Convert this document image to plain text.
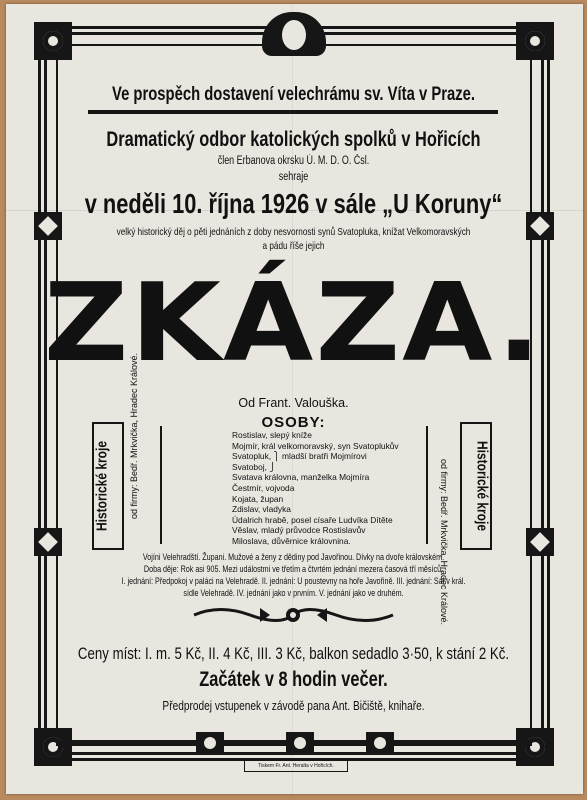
Ve prospěch dostavení velechrámu sv. Víta v Praze.
Dramatický odbor katolických spolků v Hořicích
člen Erbanova okrsku Ú. M. D. O. Čsl.
sehraje
v neděli 10. října 1926 v sále „U Koruny“
velký historický děj o pěti jednáních z doby nesvornosti synů Svatopluka, knížat Velkomoravských
a pádu říše jejich
ZKÁZA.
Od Frant. Valouška.
OSOBY:
Historické kroje	Historické kroje
Rostislav, slepý kníže
Mojmír, král velkomoravský, syn Svatoplukův
Svatopluk, ⎫ mladší bratři Mojmírovi
Svatoboj, ⎭
Svatava královna, manželka Mojmíra
Čestmír, vojvoda
Kojata, župan
Zdislav, vladyka
Údalrich hrabě, posel císaře Ludvíka Dítěte
Věslav, mladý průvodce Rostislavův
Miloslava, důvěrnice královnina.
Vojíni Velehradští. Župani. Mužové a ženy z dědiny pod Javořinou. Dívky na dvoře královském.
Doba děje: Rok asi 905. Mezi událostmi ve třetím a čtvrtém jednání mezera časová tří měsíců.
I. jednání: Předpokoj v paláci na Velehradě. II. jednání: U poustevny na hoře Javořině. III. jednání: Sál v král.
sídle Velehradě. IV. jednání jako v prvním. V. jednání jako ve druhém.
Ceny míst: I. m. 5 Kč, II. 4 Kč, III. 3 Kč, balkon sedadlo 3·50, k stání 2 Kč.
Začátek v 8 hodin večer.
Předprodej vstupenek v závodě pana Ant. Bičiště, knihaře.
Tiskem Fr. Ant. Heralta v Hořicích.
